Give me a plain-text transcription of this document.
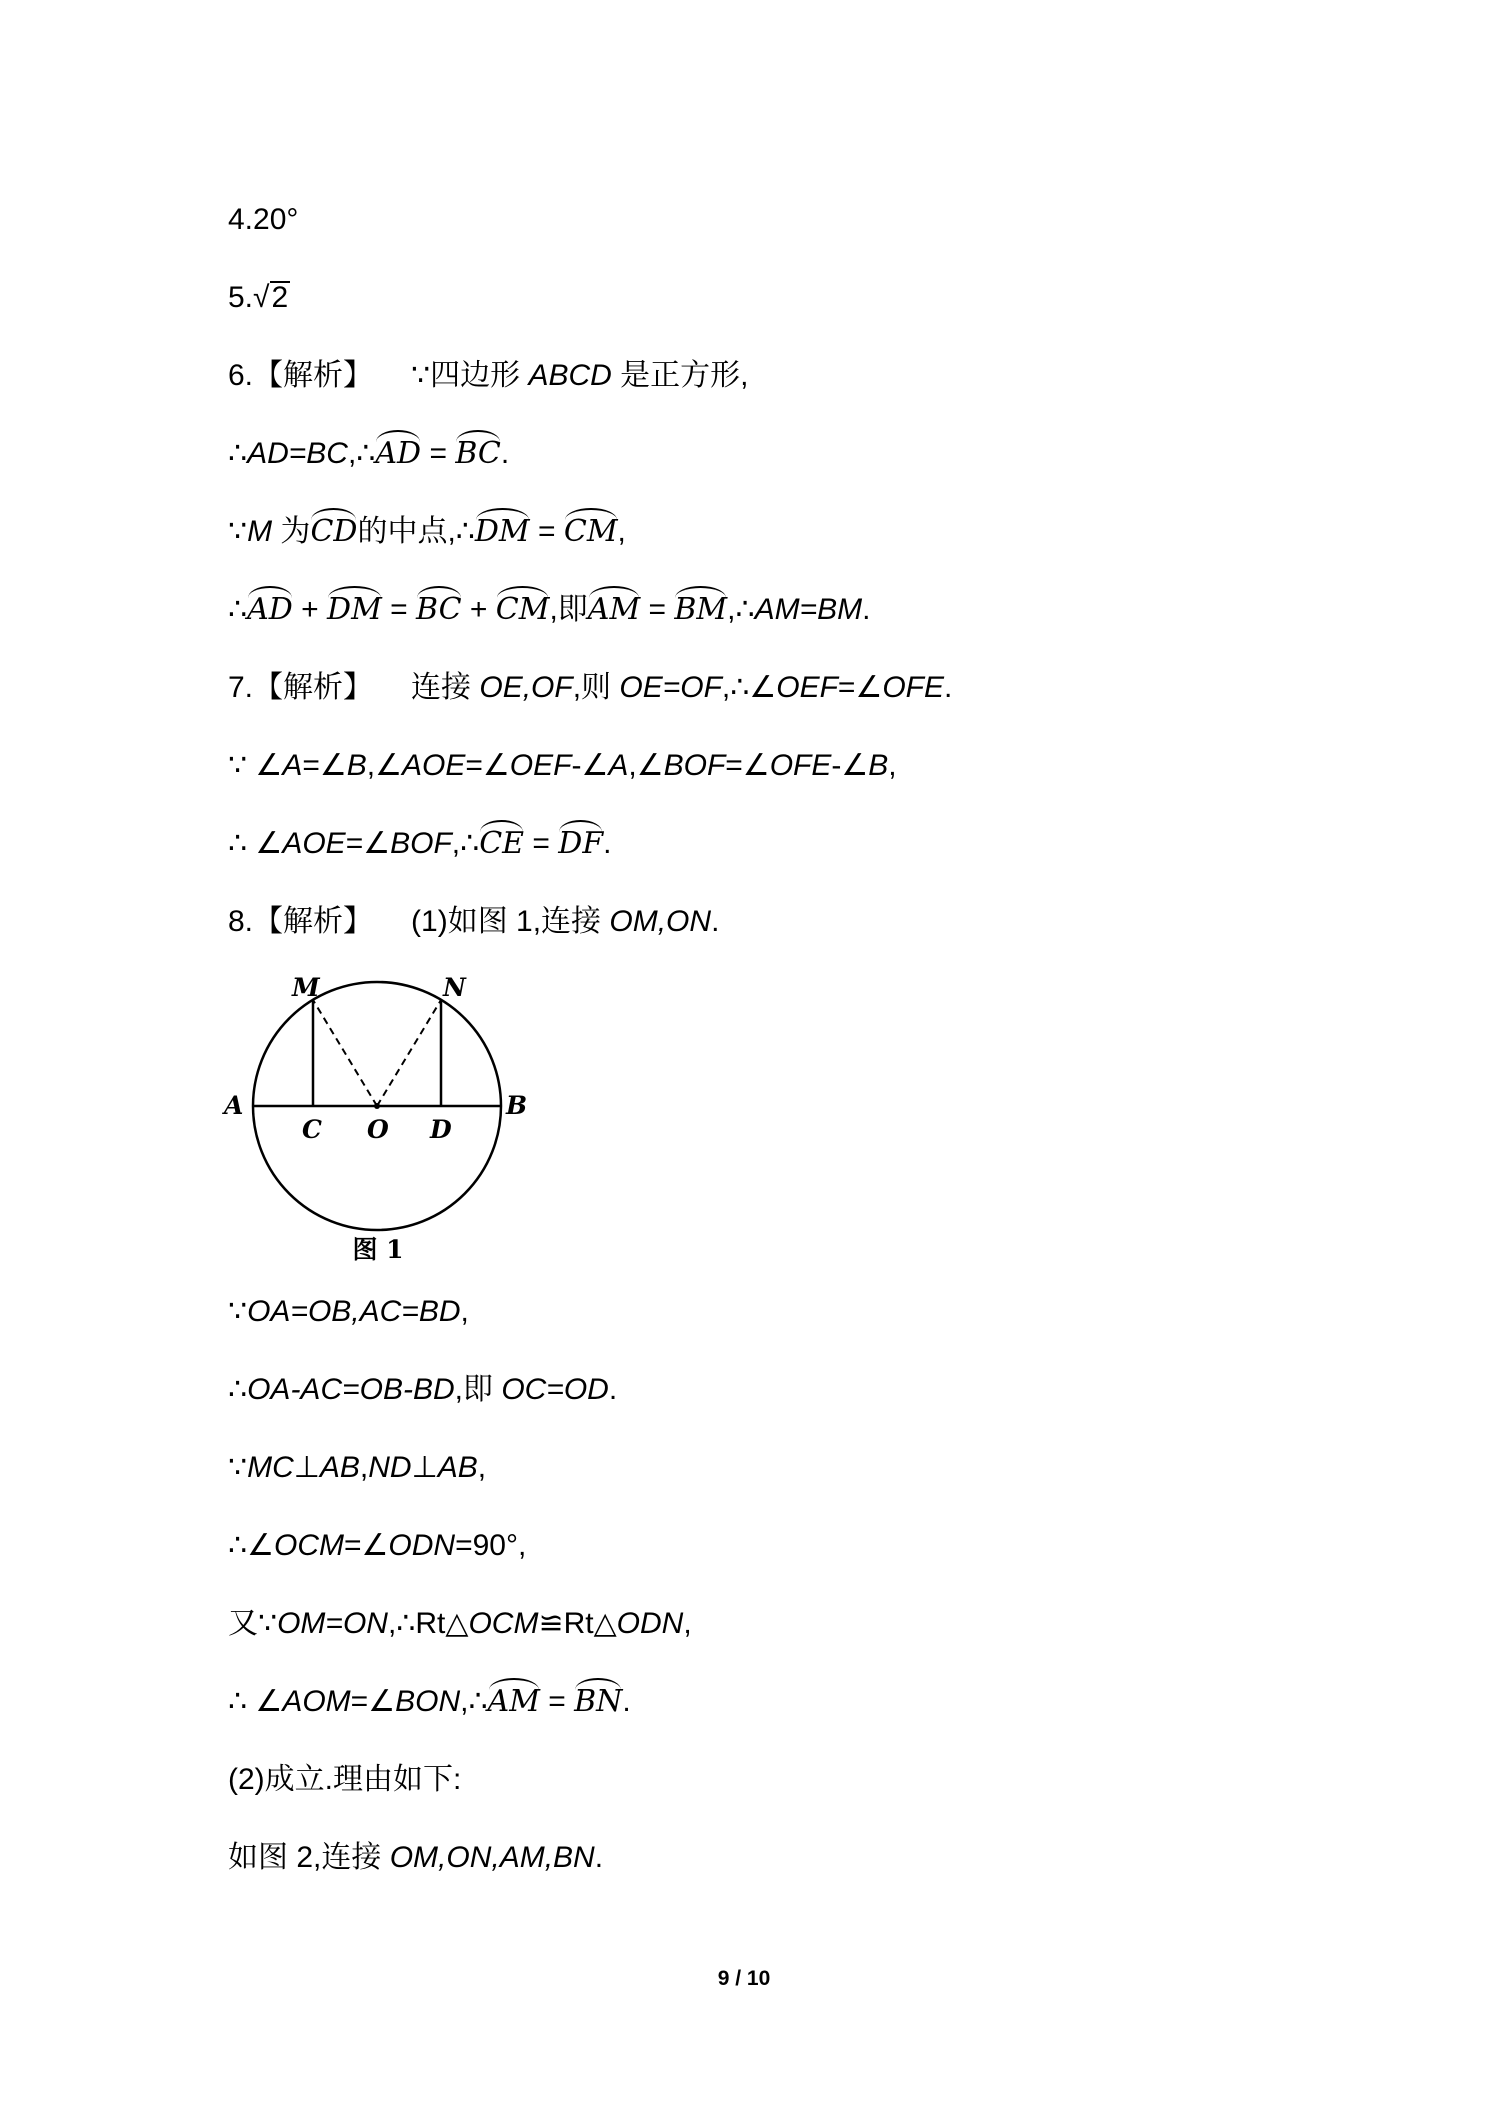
4.20°

5.√2

6.【解析】 ∵四边形 ABCD 是正方形,

∴AD=BC,∴AD = BC.

∵M 为CD的中点,∴DM = CM,

∴AD + DM = BC + CM,即AM = BM,∴AM=BM.

7.【解析】 连接 OE,OF,则 OE=OF,∴∠OEF=∠OFE.

∵ ∠A=∠B,∠AOE=∠OEF-∠A,∠BOF=∠OFE-∠B,

∴ ∠AOE=∠BOF,∴CE = DF.

8.【解析】 (1)如图 1,连接 OM,ON.

M	N
A	B
C O D
图 1

∵OA=OB,AC=BD,

∴OA-AC=OB-BD,即 OC=OD.

∵MC⊥AB,ND⊥AB,

∴∠OCM=∠ODN=90°,

又∵OM=ON,∴Rt△OCM≌Rt△ODN,

∴ ∠AOM=∠BON,∴AM = BN.

(2)成立.理由如下:

如图 2,连接 OM,ON,AM,BN.

9 / 10
